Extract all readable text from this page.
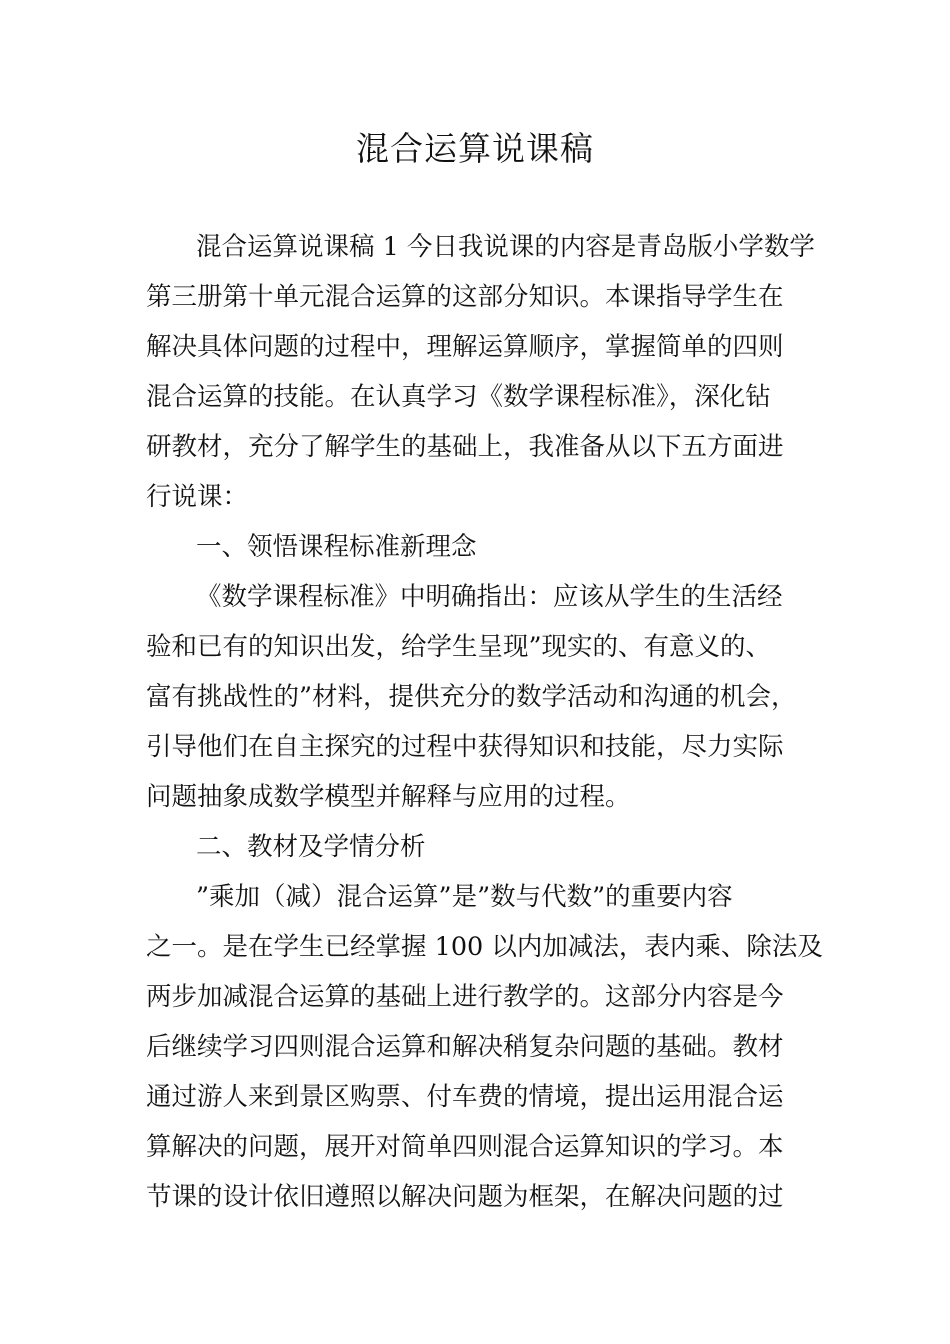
混合运算说课稿
混合运算说课稿 1 今日我说课的内容是青岛版小学数学
第三册第十单元混合运算的这部分知识。本课指导学生在
解决具体问题的过程中，理解运算顺序，掌握简单的四则
混合运算的技能。在认真学习《数学课程标准》，深化钻
研教材，充分了解学生的基础上，我准备从以下五方面进
行说课：
一、领悟课程标准新理念
《数学课程标准》中明确指出：应该从学生的生活经
验和已有的知识出发，给学生呈现”现实的、有意义的、
富有挑战性的”材料，提供充分的数学活动和沟通的机会，
引导他们在自主探究的过程中获得知识和技能，尽力实际
问题抽象成数学模型并解释与应用的过程。
二、教材及学情分析
”乘加（减）混合运算”是”数与代数”的重要内容
之一。是在学生已经掌握 100 以内加减法，表内乘、除法及
两步加减混合运算的基础上进行教学的。这部分内容是今
后继续学习四则混合运算和解决稍复杂问题的基础。教材
通过游人来到景区购票、付车费的情境，提出运用混合运
算解决的问题，展开对简单四则混合运算知识的学习。本
节课的设计依旧遵照以解决问题为框架，在解决问题的过
